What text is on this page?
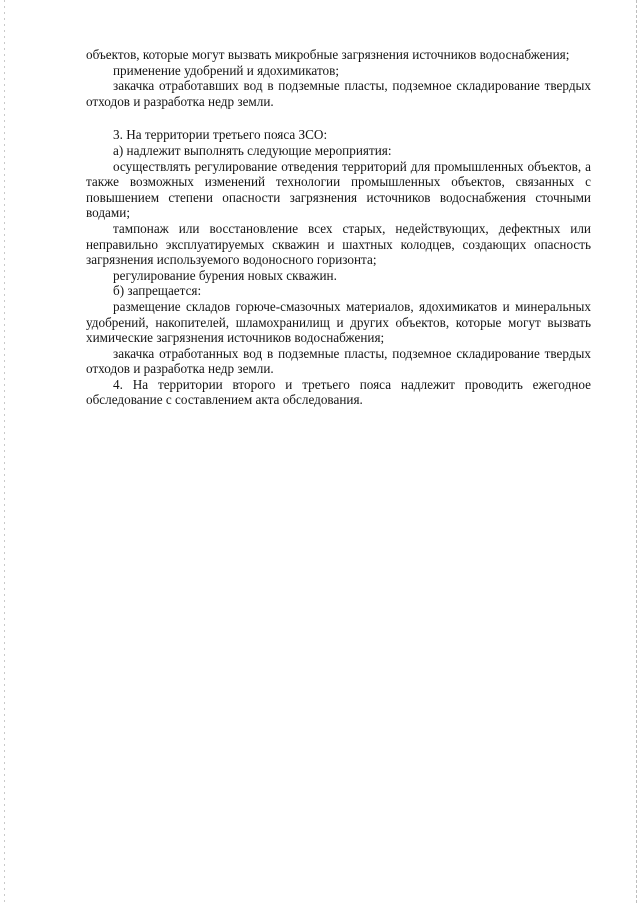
объектов, которые могут вызвать микробные загрязнения источников водоснабжения;

применение удобрений и ядохимикатов;

закачка отработавших вод в подземные пласты, подземное складирование твердых отходов и разработка недр земли.

3. На территории третьего пояса ЗСО:

а) надлежит выполнять следующие мероприятия:

осуществлять регулирование отведения территорий для промышленных объектов, а также возможных изменений технологии промышленных объектов, связанных с повышением степени опасности загрязнения источников водоснабжения сточными водами;

тампонаж или восстановление всех старых, недействующих, дефектных или неправильно эксплуатируемых скважин и шахтных колодцев, создающих опасность загрязнения используемого водоносного горизонта;

регулирование бурения новых скважин.

б) запрещается:

размещение складов горюче-смазочных материалов, ядохимикатов и минеральных удобрений, накопителей, шламохранилищ и других объектов, которые могут вызвать химические загрязнения источников водоснабжения;

закачка отработанных вод в подземные пласты, подземное складирование твердых отходов и разработка недр земли.

4. На территории второго и третьего пояса надлежит проводить ежегодное обследование с составлением акта обследования.
